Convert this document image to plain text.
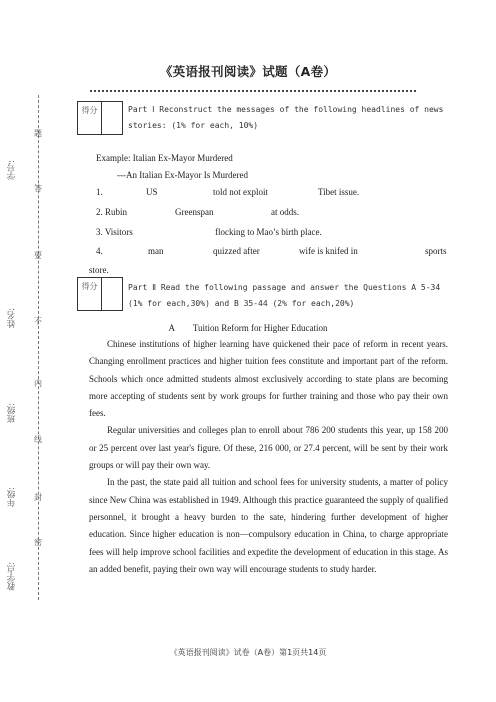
《英语报刊阅读》试题（A卷）
学号:
姓名:
班级:
年级:
教学点:
题
答
要
不
内
线
封
密
得分	Part Ⅰ Reconstruct the messages of the following headlines of news
stories: (1% for each, 10%)
Example: Italian Ex-Mayor Murdered
---An Italian Ex-Mayor Is Murdered
1.	US	told not exploit	Tibet issue.
2. Rubin	Greenspan	at odds.
3. Visitors	flocking to Mao’s birth place.
4.	man	quizzed after	wife is knifed in	sports
store.
得分	Part Ⅱ Read the following passage and answer the Questions A 5-34
(1% for each,30%) and B 35-44 (2% for each,20%)
A Tuition Reform for Higher Education
Chinese institutions of higher learning have quickened their pace of reform in recent years. Changing enrollment practices and higher tuition fees constitute and important part of the reform. Schools which once admitted students almost exclusively according to state plans are becoming more accepting of students sent by work groups for further training and those who pay their own fees.
Regular universities and colleges plan to enroll about 786 200 students this year, up 158 200 or 25 percent over last year's figure. Of these, 216 000, or 27.4 percent, will be sent by their work groups or will pay their own way.
In the past, the state paid all tuition and school fees for university students, a matter of policy since New China was established in 1949. Although this practice guaranteed the supply of qualified personnel, it brought a heavy burden to the sate, hindering further development of higher education. Since higher education is non—compulsory education in China, to charge appropriate fees will help improve school facilities and expedite the development of education in this stage. As an added benefit, paying their own way will encourage students to study harder.
《英语报刊阅读》试卷（A卷）第1页共14页
